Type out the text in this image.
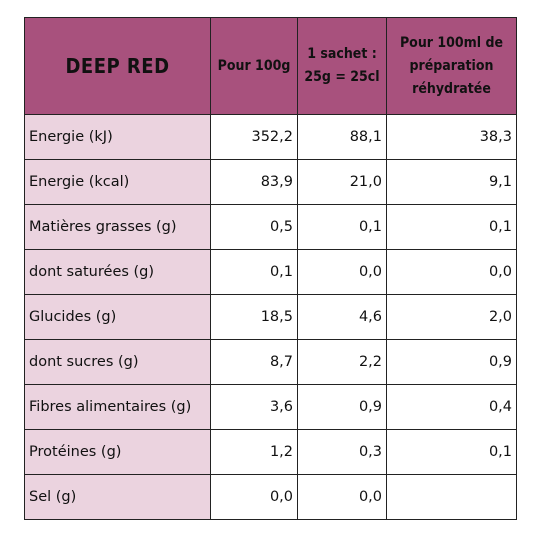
DEEP RED	Pour 100g	1 sachet : 25g = 25cl	Pour 100ml de préparation réhydratée
Energie (kJ)	352,2	88,1	38,3
Energie (kcal)	83,9	21,0	9,1
Matières grasses (g)	0,5	0,1	0,1
dont saturées (g)	0,1	0,0	0,0
Glucides (g)	18,5	4,6	2,0
dont sucres (g)	8,7	2,2	0,9
Fibres alimentaires (g)	3,6	0,9	0,4
Protéines (g)	1,2	0,3	0,1
Sel (g)	0,0	0,0	
